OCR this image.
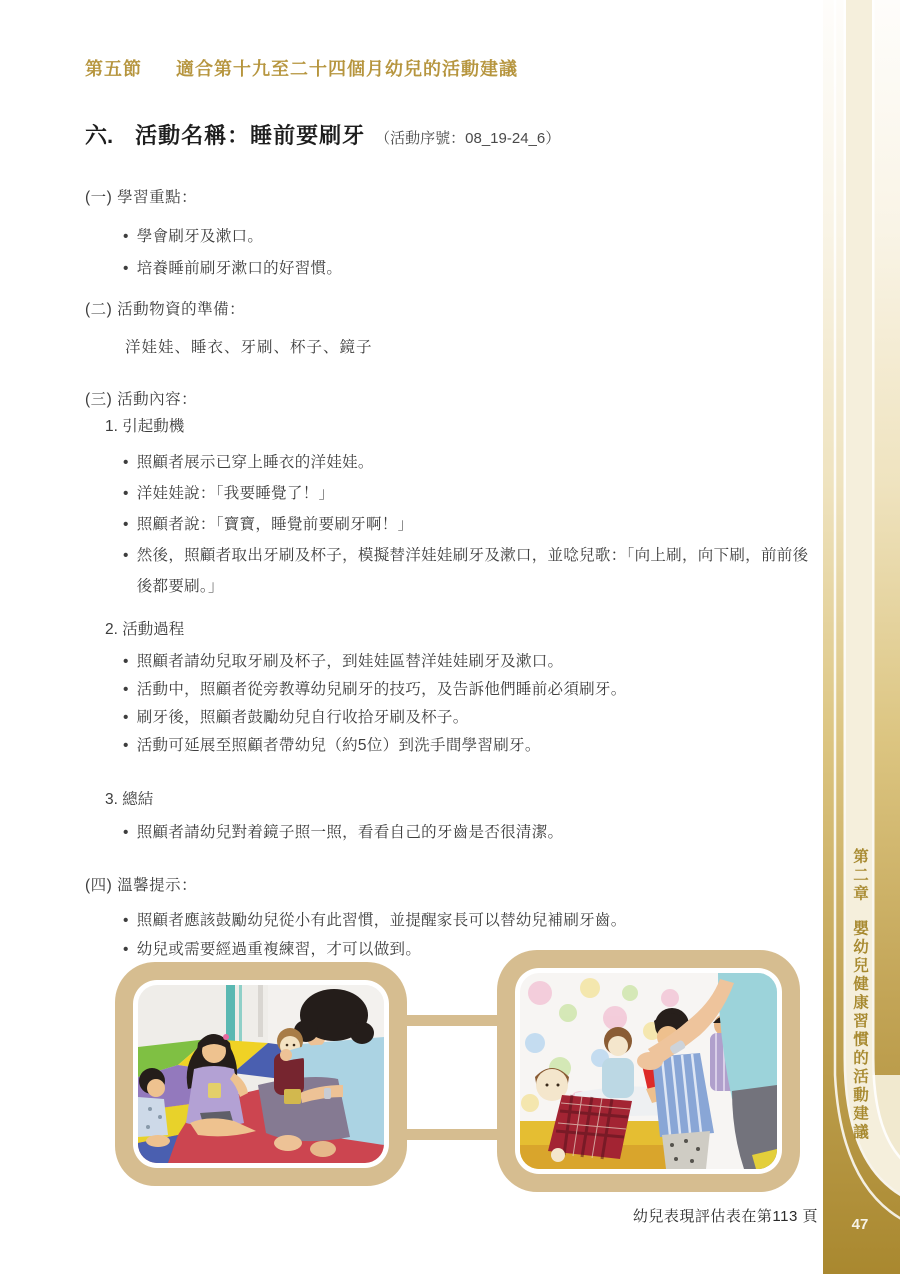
第五節 適合第十九至二十四個月幼兒的活動建議
六. 活動名稱：睡前要刷牙 （活動序號：08_19-24_6）
(一) 學習重點：
• 學會刷牙及漱口。
• 培養睡前刷牙漱口的好習慣。
(二) 活動物資的準備：
洋娃娃、睡衣、牙刷、杯子、鏡子
(三) 活動內容：
1. 引起動機
• 照顧者展示已穿上睡衣的洋娃娃。
• 洋娃娃說：「我要睡覺了！」
• 照顧者說：「寶寶，睡覺前要刷牙啊！」
• 然後，照顧者取出牙刷及杯子，模擬替洋娃娃刷牙及漱口，並唸兒歌：「向上刷，向下刷，前前後後都要刷。」
2. 活動過程
• 照顧者請幼兒取牙刷及杯子，到娃娃區替洋娃娃刷牙及漱口。
• 活動中，照顧者從旁教導幼兒刷牙的技巧，及告訴他們睡前必須刷牙。
• 刷牙後，照顧者鼓勵幼兒自行收拾牙刷及杯子。
• 活動可延展至照顧者帶幼兒（約5位）到洗手間學習刷牙。
3. 總結
• 照顧者請幼兒對着鏡子照一照，看看自己的牙齒是否很清潔。
(四) 溫馨提示：
• 照顧者應該鼓勵幼兒從小有此習慣，並提醒家長可以替幼兒補刷牙齒。
• 幼兒或需要經過重複練習，才可以做到。
幼兒表現評估表在第113 頁
第二章嬰幼兒健康習慣的活動建議
47
